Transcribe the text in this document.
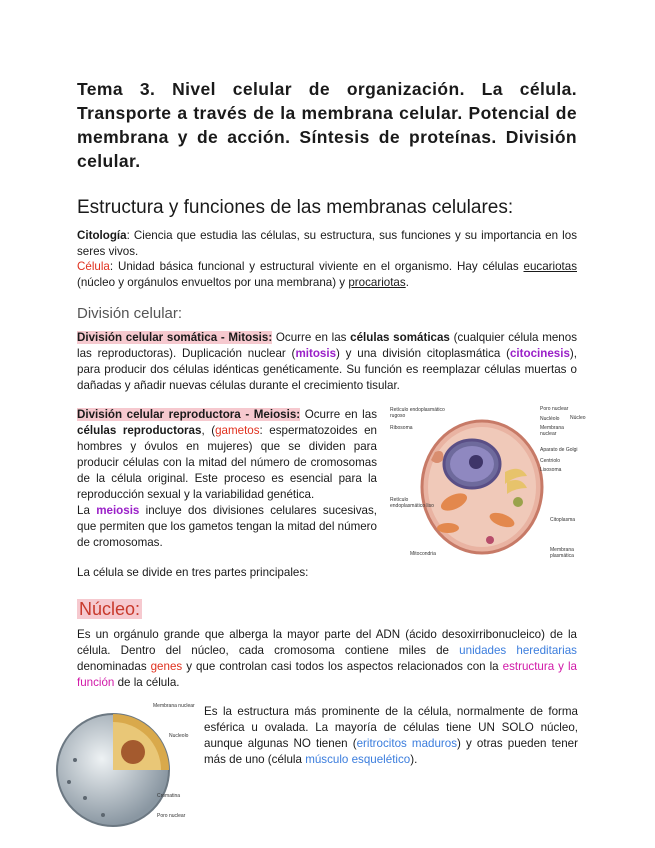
Tema 3. Nivel celular de organización. La célula. Transporte a través de la membrana celular. Potencial de membrana y de acción. Síntesis de proteínas. División celular.
Estructura y funciones de las membranas celulares:
Citología: Ciencia que estudia las células, su estructura, sus funciones y su importancia en los seres vivos.
Célula: Unidad básica funcional y estructural viviente en el organismo. Hay células eucariotas (núcleo y orgánulos envueltos por una membrana) y procariotas.
División celular:
División celular somática - Mitosis: Ocurre en las células somáticas (cualquier célula menos las reproductoras). Duplicación nuclear (mitosis) y una división citoplasmática (citocinesis), para producir dos células idénticas genéticamente. Su función es reemplazar células muertas o dañadas y añadir nuevas células durante el crecimiento tisular.
División celular reproductora - Meiosis: Ocurre en las células reproductoras, (gametos: espermatozoides en hombres y óvulos en mujeres) que se dividen para producir células con la mitad del número de cromosomas de la célula original. Este proceso es esencial para la reproducción sexual y la variabilidad genética.
La meiosis incluye dos divisiones celulares sucesivas, que permiten que los gametos tengan la mitad del número de cromosomas.
Retículo endoplasmático rugoso
Ribosoma
Poro nuclear
Nucléolo
Membrana nuclear
Núcleo
Aparato de Golgi
Centriolo
Lisosoma
Retículo endoplasmático liso
Citoplasma
Mitocondria
Membrana plasmática
La célula se divide en tres partes principales:
Núcleo:
Es un orgánulo grande que alberga la mayor parte del ADN (ácido desoxirribonucleico) de la célula. Dentro del núcleo, cada cromosoma contiene miles de unidades hereditarias denominadas genes y que controlan casi todos los aspectos relacionados con la estructura y la función de la célula.
Membrana nuclear
Nucleolo
Cromatina
Poro nuclear
Es la estructura más prominente de la célula, normalmente de forma esférica u ovalada. La mayoría de células tiene UN SOLO núcleo, aunque algunas NO tienen (eritrocitos maduros) y otras pueden tener más de uno (célula músculo esquelético).
